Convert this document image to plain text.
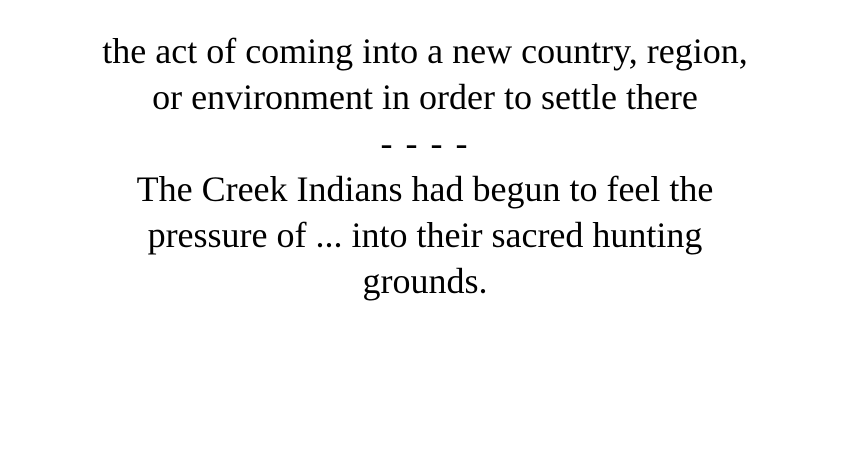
the act of coming into a new country, region,
or environment in order to settle there
- - - -
The Creek Indians had begun to feel the
pressure of ... into their sacred hunting
grounds.
